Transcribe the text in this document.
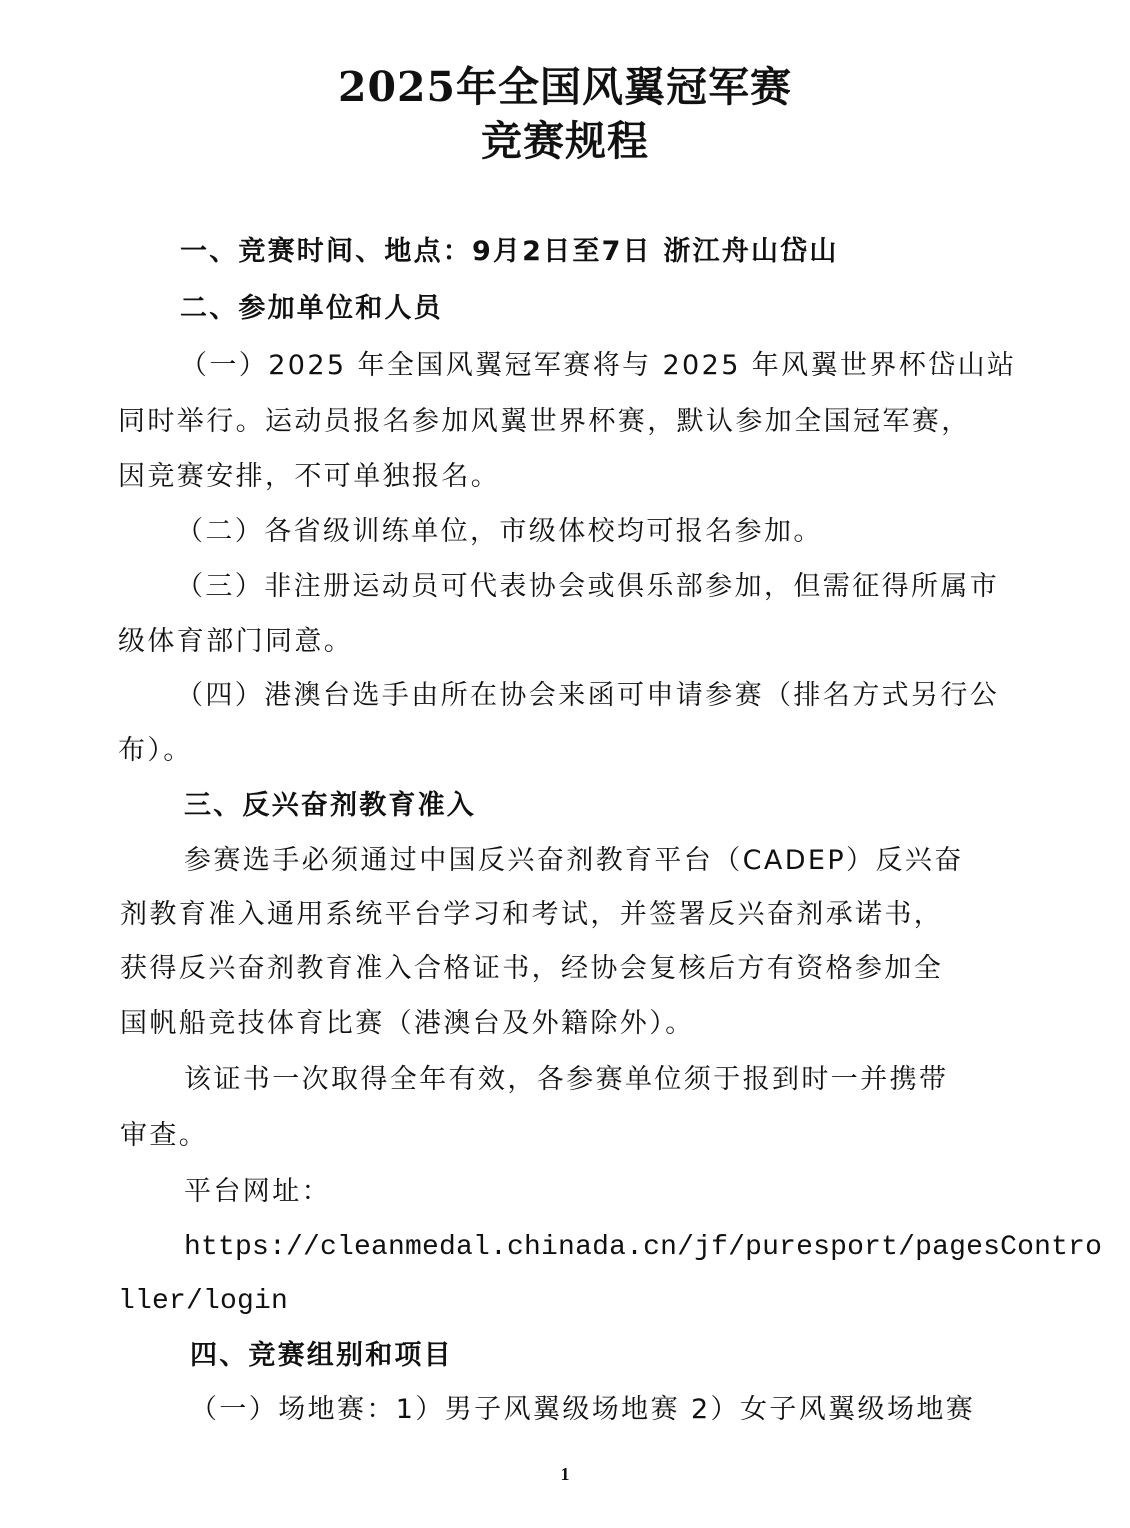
2025年全国风翼冠军赛
竞赛规程
一、竞赛时间、地点：9月2日至7日 浙江舟山岱山
二、参加单位和人员
（一）2025 年全国风翼冠军赛将与 2025 年风翼世界杯岱山站
同时举行。运动员报名参加风翼世界杯赛，默认参加全国冠军赛，
因竞赛安排，不可单独报名。
（二）各省级训练单位，市级体校均可报名参加。
（三）非注册运动员可代表协会或俱乐部参加，但需征得所属市
级体育部门同意。
（四）港澳台选手由所在协会来函可申请参赛（排名方式另行公
布）。
三、反兴奋剂教育准入
参赛选手必须通过中国反兴奋剂教育平台（CADEP）反兴奋
剂教育准入通用系统平台学习和考试，并签署反兴奋剂承诺书，
获得反兴奋剂教育准入合格证书，经协会复核后方有资格参加全
国帆船竞技体育比赛（港澳台及外籍除外）。
该证书一次取得全年有效，各参赛单位须于报到时一并携带
审查。
平台网址：
https://cleanmedal.chinada.cn/jf/puresport/pagesContro
ller/login
四、竞赛组别和项目
（一）场地赛：1）男子风翼级场地赛 2）女子风翼级场地赛
1
